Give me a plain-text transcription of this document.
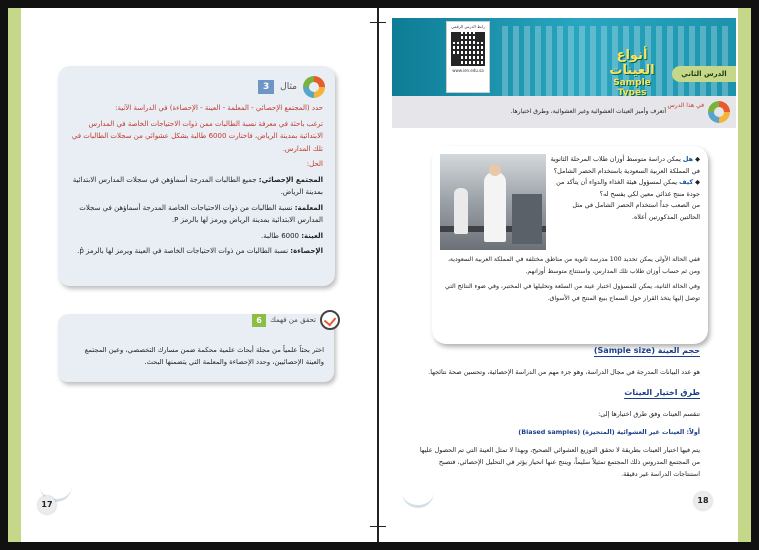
مثال
3

حدد (المجتمع الإحصائي - المعلمة - العينة - الإحصاءة) في الدراسة الآتية:

ترغب باحثة في معرفة نسبة الطالبات ممن ذوات الاحتياجات الخاصة في المدارس الابتدائية بمدينة الرياض، فاختارت 6000 طالبة بشكل عشوائي من سجلات الطالبات في تلك المدارس.

الحل:

المجتمع الإحصائي: جميع الطالبات المدرجة أسماؤهن في سجلات المدارس الابتدائية بمدينة الرياض.

المعلمة: نسبة الطالبات من ذوات الاحتياجات الخاصة المدرجة أسماؤهن في سجلات المدارس الابتدائية بمدينة الرياض ويرمز لها بالرمز P.

العينة: 6000 طالبة.

الإحصاءة: نسبة الطالبات من ذوات الاحتياجات الخاصة في العينة ويرمز لها بالرمز p̂.

تحقق من فهمك
6
اختر بحثاً علمياً من مجلة أبحاث علمية محكمة ضمن مسارك التخصصي، وعين المجتمع والعينة الإحصائيين، وحدد الإحصاءة والمعلمة التي يتضمنها البحث.
17
رابط الدرس الرقمي
www.ien.edu.sa
أنواع العينات
Sample Types
الدرس الثاني
في هذا الدرس
أتعرف وأميز العينات العشوائية وغير العشوائية، وطرق اختيارها.

◆ هل يمكن دراسة متوسط أوزان طلاب المرحلة الثانوية في المملكة العربية السعودية باستخدام الحصر الشامل؟

◆ كيف يمكن لمسؤول هيئة الغذاء والدواء أن يتأكد من جودة منتج غذائي معين لكي يفسح له؟

من الصعب جداً استخدام الحصر الشامل في مثل الحالتين المذكورتين أعلاه.

ففي الحالة الأولى يمكن تحديد 100 مدرسة ثانوية من مناطق مختلفة في المملكة العربية السعودية، ومن ثم حساب أوزان طلاب تلك المدارس، واستنتاج متوسط أوزانهم.

وفي الحالة الثانية، يمكن للمسؤول اختبار عينة من السلعة وتحليلها في المختبر، وفي ضوء النتائج التي توصل إليها يتخذ القرار حول السماح ببيع المنتج في الأسواق.

حجم العينة (Sample size)
هو عدد البيانات المدرجة في مجال الدراسة، وهو جزء مهم من الدراسة الإحصائية، وتحسين صحة نتائجها.
طرق اختيار العينات
تنقسم العينات وفق طرق اختيارها إلى:
أولاً: العينات غير العشوائية (المتحيزة) (Biased samples)
يتم فيها اختيار العينات بطريقة لا تحقق التوزيع العشوائي الصحيح، وبهذا لا تمثل العينة التي تم الحصول عليها من المجتمع المدروس ذلك المجتمع تمثيلاً سليماً، وينتج عنها انحياز يؤثر في التحليل الإحصائي، فتصبح استنتاجات الدراسة غير دقيقة.
18
